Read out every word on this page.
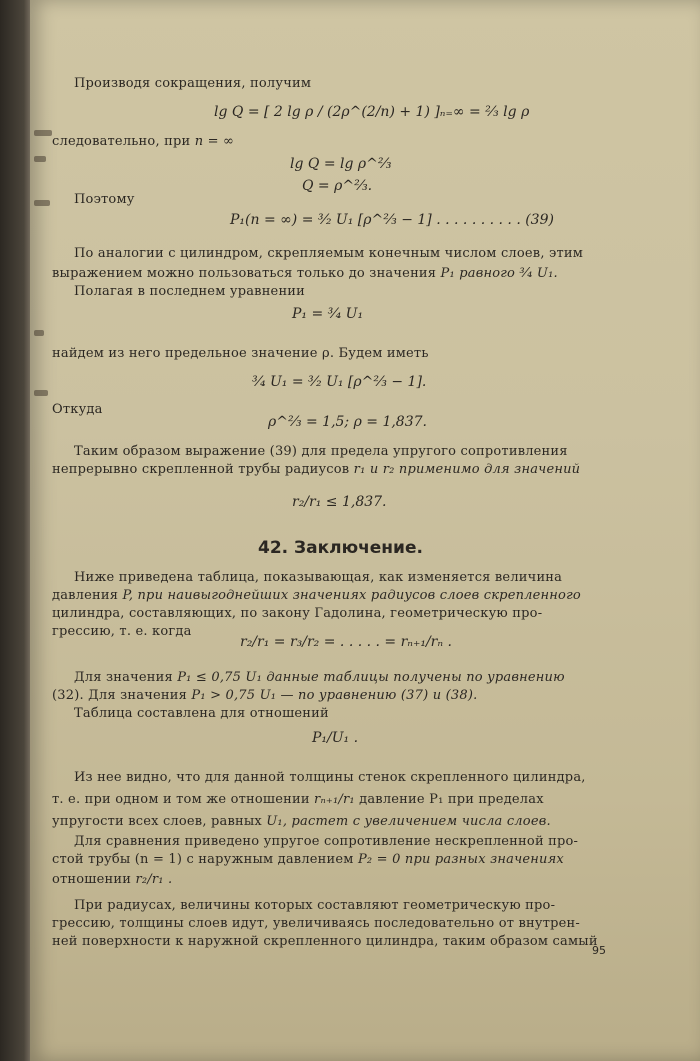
Производя сокращения, получим
lg Q = [ 2 lg ρ / (2ρ^(2/n) + 1) ]ₙ₌∞ = ²⁄₃ lg ρ
следовательно, при n = ∞
lg Q = lg ρ^⅔
Q = ρ^⅔.
Поэтому
P₁(n = ∞) = ³⁄₂ U₁ [ρ^⅔ − 1] . . . . . . . . . . (39)
По аналогии с цилиндром, скрепляемым конечным числом слоев, этим
выражением можно пользоваться только до значения P₁ равного ³⁄₄ U₁.
Полагая в последнем уравнении
P₁ = ³⁄₄ U₁
найдем из него предельное значение ρ. Будем иметь
³⁄₄ U₁ = ³⁄₂ U₁ [ρ^⅔ − 1].
Откуда
ρ^⅔ = 1,5; ρ = 1,837.
Таким образом выражение (39) для предела упругого сопротивления
непрерывно скрепленной трубы радиусов r₁ и r₂ применимо для значений
r₂/r₁ ≤ 1,837.
42. Заключение.
Ниже приведена таблица, показывающая, как изменяется величина
давления P, при наивыгоднейших значениях радиусов слоев скрепленного
цилиндра, составляющих, по закону Гадолина, геометрическую про-
грессию, т. е. когда
r₂/r₁ = r₃/r₂ = . . . . . = rₙ₊₁/rₙ .
Для значения P₁ ≤ 0,75 U₁ данные таблицы получены по уравнению
(32). Для значения P₁ > 0,75 U₁ — по уравнению (37) и (38).
Таблица составлена для отношений
P₁/U₁ .
Из нее видно, что для данной толщины стенок скрепленного цилиндра,
т. е. при одном и том же отношении rₙ₊₁/r₁ давление P₁ при пределах
упругости всех слоев, равных U₁, растет с увеличением числа слоев.
Для сравнения приведено упругое сопротивление нескрепленной про-
стой трубы (n = 1) с наружным давлением P₂ = 0 при разных значениях
отношении r₂/r₁ .
При радиусах, величины которых составляют геометрическую про-
грессию, толщины слоев идут, увеличиваясь последовательно от внутрен-
ней поверхности к наружной скрепленного цилиндра, таким образом самый
95
